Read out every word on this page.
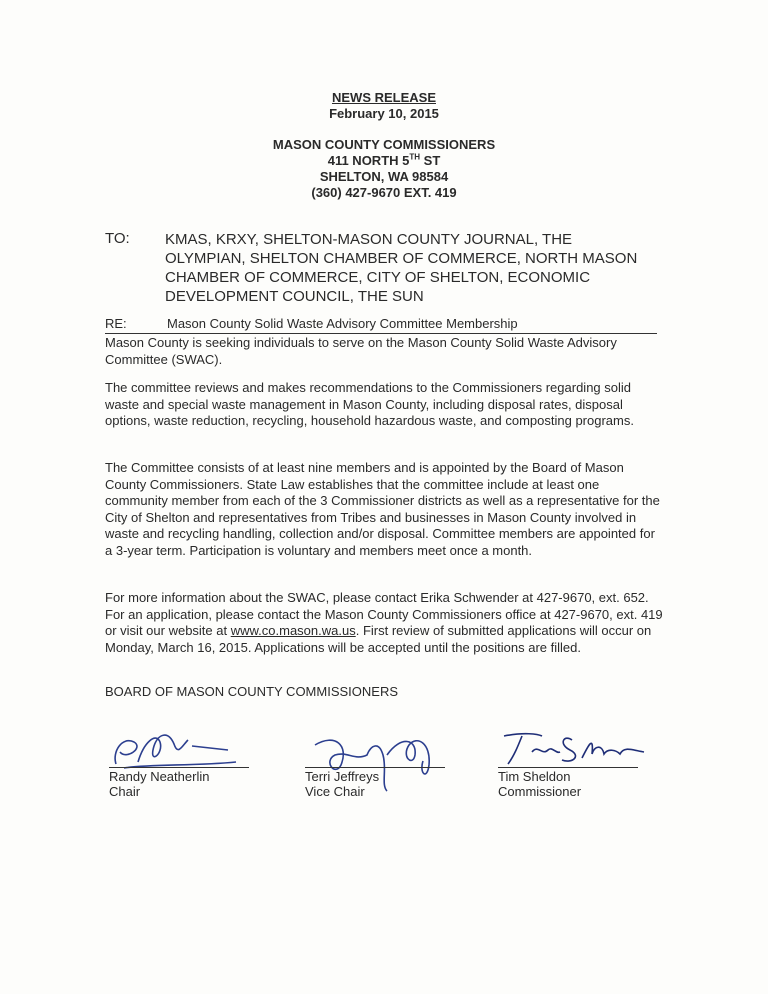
NEWS RELEASE
February 10, 2015
MASON COUNTY COMMISSIONERS
411 NORTH 5TH ST
SHELTON, WA 98584
(360) 427-9670 EXT. 419
TO: KMAS, KRXY, SHELTON-MASON COUNTY JOURNAL, THE
OLYMPIAN, SHELTON CHAMBER OF COMMERCE, NORTH MASON
CHAMBER OF COMMERCE, CITY OF SHELTON, ECONOMIC
DEVELOPMENT COUNCIL, THE SUN
RE:	Mason County Solid Waste Advisory Committee Membership
Mason County is seeking individuals to serve on the Mason County Solid Waste Advisory Committee (SWAC).
The committee reviews and makes recommendations to the Commissioners regarding solid waste and special waste management in Mason County, including disposal rates, disposal options, waste reduction, recycling, household hazardous waste, and composting programs.
The Committee consists of at least nine members and is appointed by the Board of Mason County Commissioners. State Law establishes that the committee include at least one community member from each of the 3 Commissioner districts as well as a representative for the City of Shelton and representatives from Tribes and businesses in Mason County involved in waste and recycling handling, collection and/or disposal. Committee members are appointed for a 3-year term. Participation is voluntary and members meet once a month.
For more information about the SWAC, please contact Erika Schwender at 427-9670, ext. 652. For an application, please contact the Mason County Commissioners office at 427-9670, ext. 419 or visit our website at www.co.mason.wa.us. First review of submitted applications will occur on Monday, March 16, 2015. Applications will be accepted until the positions are filled.
BOARD OF MASON COUNTY COMMISSIONERS
Randy Neatherlin
Chair
Terri Jeffreys
Vice Chair
Tim Sheldon
Commissioner
